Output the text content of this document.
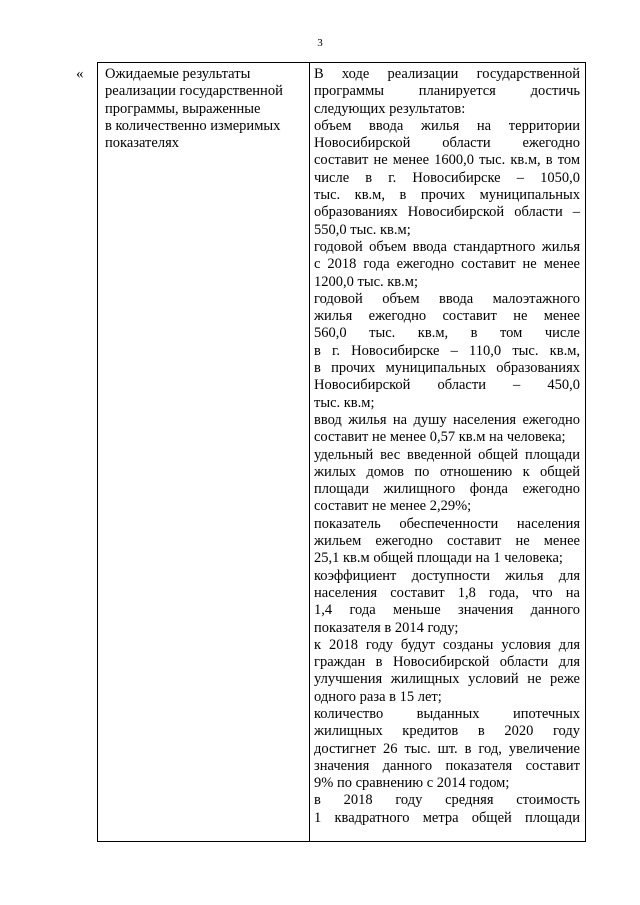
3
« Ожидаемые результаты
реализации государственной
программы, выраженные
в количественно измеримых
показателях
В ходе реализации государственной
программы планируется достичь
следующих результатов:
объем ввода жилья на территории
Новосибирской области ежегодно
составит не менее 1600,0 тыс. кв.м, в том
числе в г. Новосибирске – 1050,0
тыс. кв.м, в прочих муниципальных
образованиях Новосибирской области –
550,0 тыс. кв.м;
годовой объем ввода стандартного жилья
с 2018 года ежегодно составит не менее
1200,0 тыс. кв.м;
годовой объем ввода малоэтажного
жилья ежегодно составит не менее
560,0 тыс. кв.м, в том числе
в г. Новосибирске – 110,0 тыс. кв.м,
в прочих муниципальных образованиях
Новосибирской области – 450,0
тыс. кв.м;
ввод жилья на душу населения ежегодно
составит не менее 0,57 кв.м на человека;
удельный вес введенной общей площади
жилых домов по отношению к общей
площади жилищного фонда ежегодно
составит не менее 2,29%;
показатель обеспеченности населения
жильем ежегодно составит не менее
25,1 кв.м общей площади на 1 человека;
коэффициент доступности жилья для
населения составит 1,8 года, что на
1,4 года меньше значения данного
показателя в 2014 году;
к 2018 году будут созданы условия для
граждан в Новосибирской области для
улучшения жилищных условий не реже
одного раза в 15 лет;
количество выданных ипотечных
жилищных кредитов в 2020 году
достигнет 26 тыс. шт. в год, увеличение
значения данного показателя составит
9% по сравнению с 2014 годом;
в 2018 году средняя стоимость
1 квадратного метра общей площади
